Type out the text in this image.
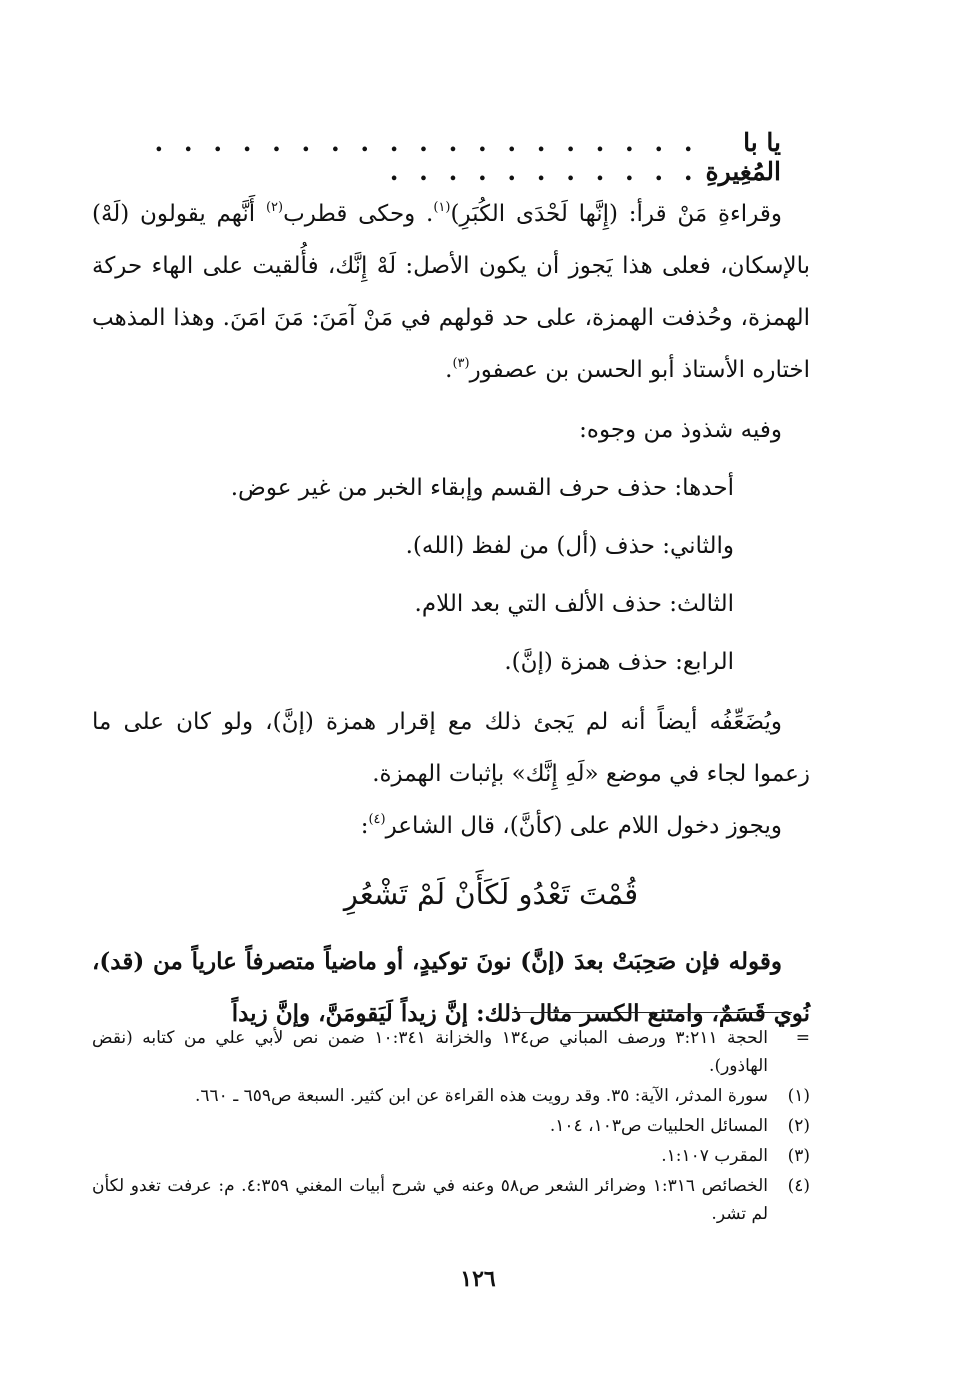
يا با المُغِيرةِ
. . . . . . . . . . . . . . . . . . . . . . . . . . . . . .

وقراءةِ مَنْ قرأ: (إِنَّها لَحْدَى الكُبَرِ)$^{(١)}$. وحكى قطرب$^{(٢)}$ أَنَّهم يقولون (لَهْ) بالإسكان، فعلى هذا يَجوز أن يكون الأصل: لَهْ إِنَّك، فأُلقيت على الهاء حركة الهمزة، وحُذفت الهمزة، على حد قولهم في مَنْ آمَنَ: مَنَ امَنَ. وهذا المذهب اختاره الأستاذ أبو الحسن بن عصفور$^{(٣)}$.

وفيه شذوذ من وجوه:

أحدها: حذف حرف القسم وإبقاء الخبر من غير عوض.

والثاني: حذف (أل) من لفظ (الله).

الثالث: حذف الألف التي بعد اللام.

الرابع: حذف همزة (إنَّ).

ويُضَعِّفُه أيضاً أنه لم يَجئ ذلك مع إقرار همزة (إنَّ)، ولو كان على ما زعموا لجاء في موضع «لَهِ إِنَّك» بإثبات الهمزة.

ويجوز دخول اللام على (كأنَّ)، قال الشاعر$^{(٤)}$:

قُمْتَ تَعْدُو لَكَأَنْ لَمْ تَشْعُرِ

وقوله فإن صَحِبَتْ بعدَ (إنَّ) نونَ توكيدٍ، أو ماضياً متصرفاً عارياً من (قد)، نُوي قَسَمٌ، وامتنع الكسر مثال ذلك: إنَّ زيداً لَيَقومَنَّ، وإنَّ زيداً

=
الحجة ٣:٢١١ ورصف المباني ص١٣٤ والخزانة ١٠:٣٤١ ضمن نص لأبي علي من كتابه (نقض الهاذور).
(١)
سورة المدثر، الآية: ٣٥. وقد رويت هذه القراءة عن ابن كثير. السبعة ص٦٥٩ ـ ٦٦٠.
(٢)
المسائل الحلبيات ص١٠٣، ١٠٤.
(٣)
المقرب ١:١٠٧.
(٤)
الخصائص ١:٣١٦ وضرائر الشعر ص٥٨ وعنه في شرح أبيات المغني ٤:٣٥٩. م: عرفت تغدو لكأن لم تشر.
١٢٦
